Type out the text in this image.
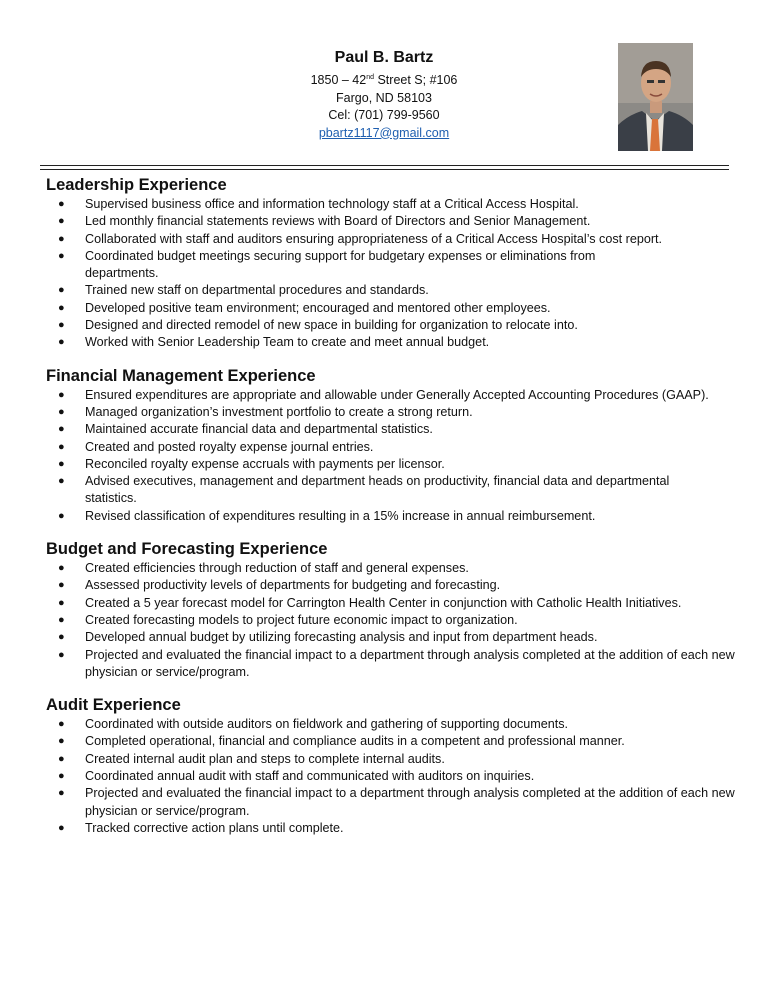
Paul B. Bartz
1850 – 42nd Street S; #106
Fargo, ND 58103
Cel: (701) 799-9560
pbartz1117@gmail.com
Leadership Experience
● Supervised business office and information technology staff at a Critical Access Hospital.
● Led monthly financial statements reviews with Board of Directors and Senior Management.
● Collaborated with staff and auditors ensuring appropriateness of a Critical Access Hospital’s cost report.
● Coordinated budget meetings securing support for budgetary expenses or eliminations from departments.
● Trained new staff on departmental procedures and standards.
● Developed positive team environment; encouraged and mentored other employees.
● Designed and directed remodel of new space in building for organization to relocate into.
● Worked with Senior Leadership Team to create and meet annual budget.
Financial Management Experience
● Ensured expenditures are appropriate and allowable under Generally Accepted Accounting Procedures (GAAP).
● Managed organization’s investment portfolio to create a strong return.
● Maintained accurate financial data and departmental statistics.
● Created and posted royalty expense journal entries.
● Reconciled royalty expense accruals with payments per licensor.
● Advised executives, management and department heads on productivity, financial data and departmental statistics.
● Revised classification of expenditures resulting in a 15% increase in annual reimbursement.
Budget and Forecasting Experience
● Created efficiencies through reduction of staff and general expenses.
● Assessed productivity levels of departments for budgeting and forecasting.
● Created a 5 year forecast model for Carrington Health Center in conjunction with Catholic Health Initiatives.
● Created forecasting models to project future economic impact to organization.
● Developed annual budget by utilizing forecasting analysis and input from department heads.
● Projected and evaluated the financial impact to a department through analysis completed at the addition of each new physician or service/program.
Audit Experience
● Coordinated with outside auditors on fieldwork and gathering of supporting documents.
● Completed operational, financial and compliance audits in a competent and professional manner.
● Created internal audit plan and steps to complete internal audits.
● Coordinated annual audit with staff and communicated with auditors on inquiries.
● Projected and evaluated the financial impact to a department through analysis completed at the addition of each new physician or service/program.
● Tracked corrective action plans until complete.
